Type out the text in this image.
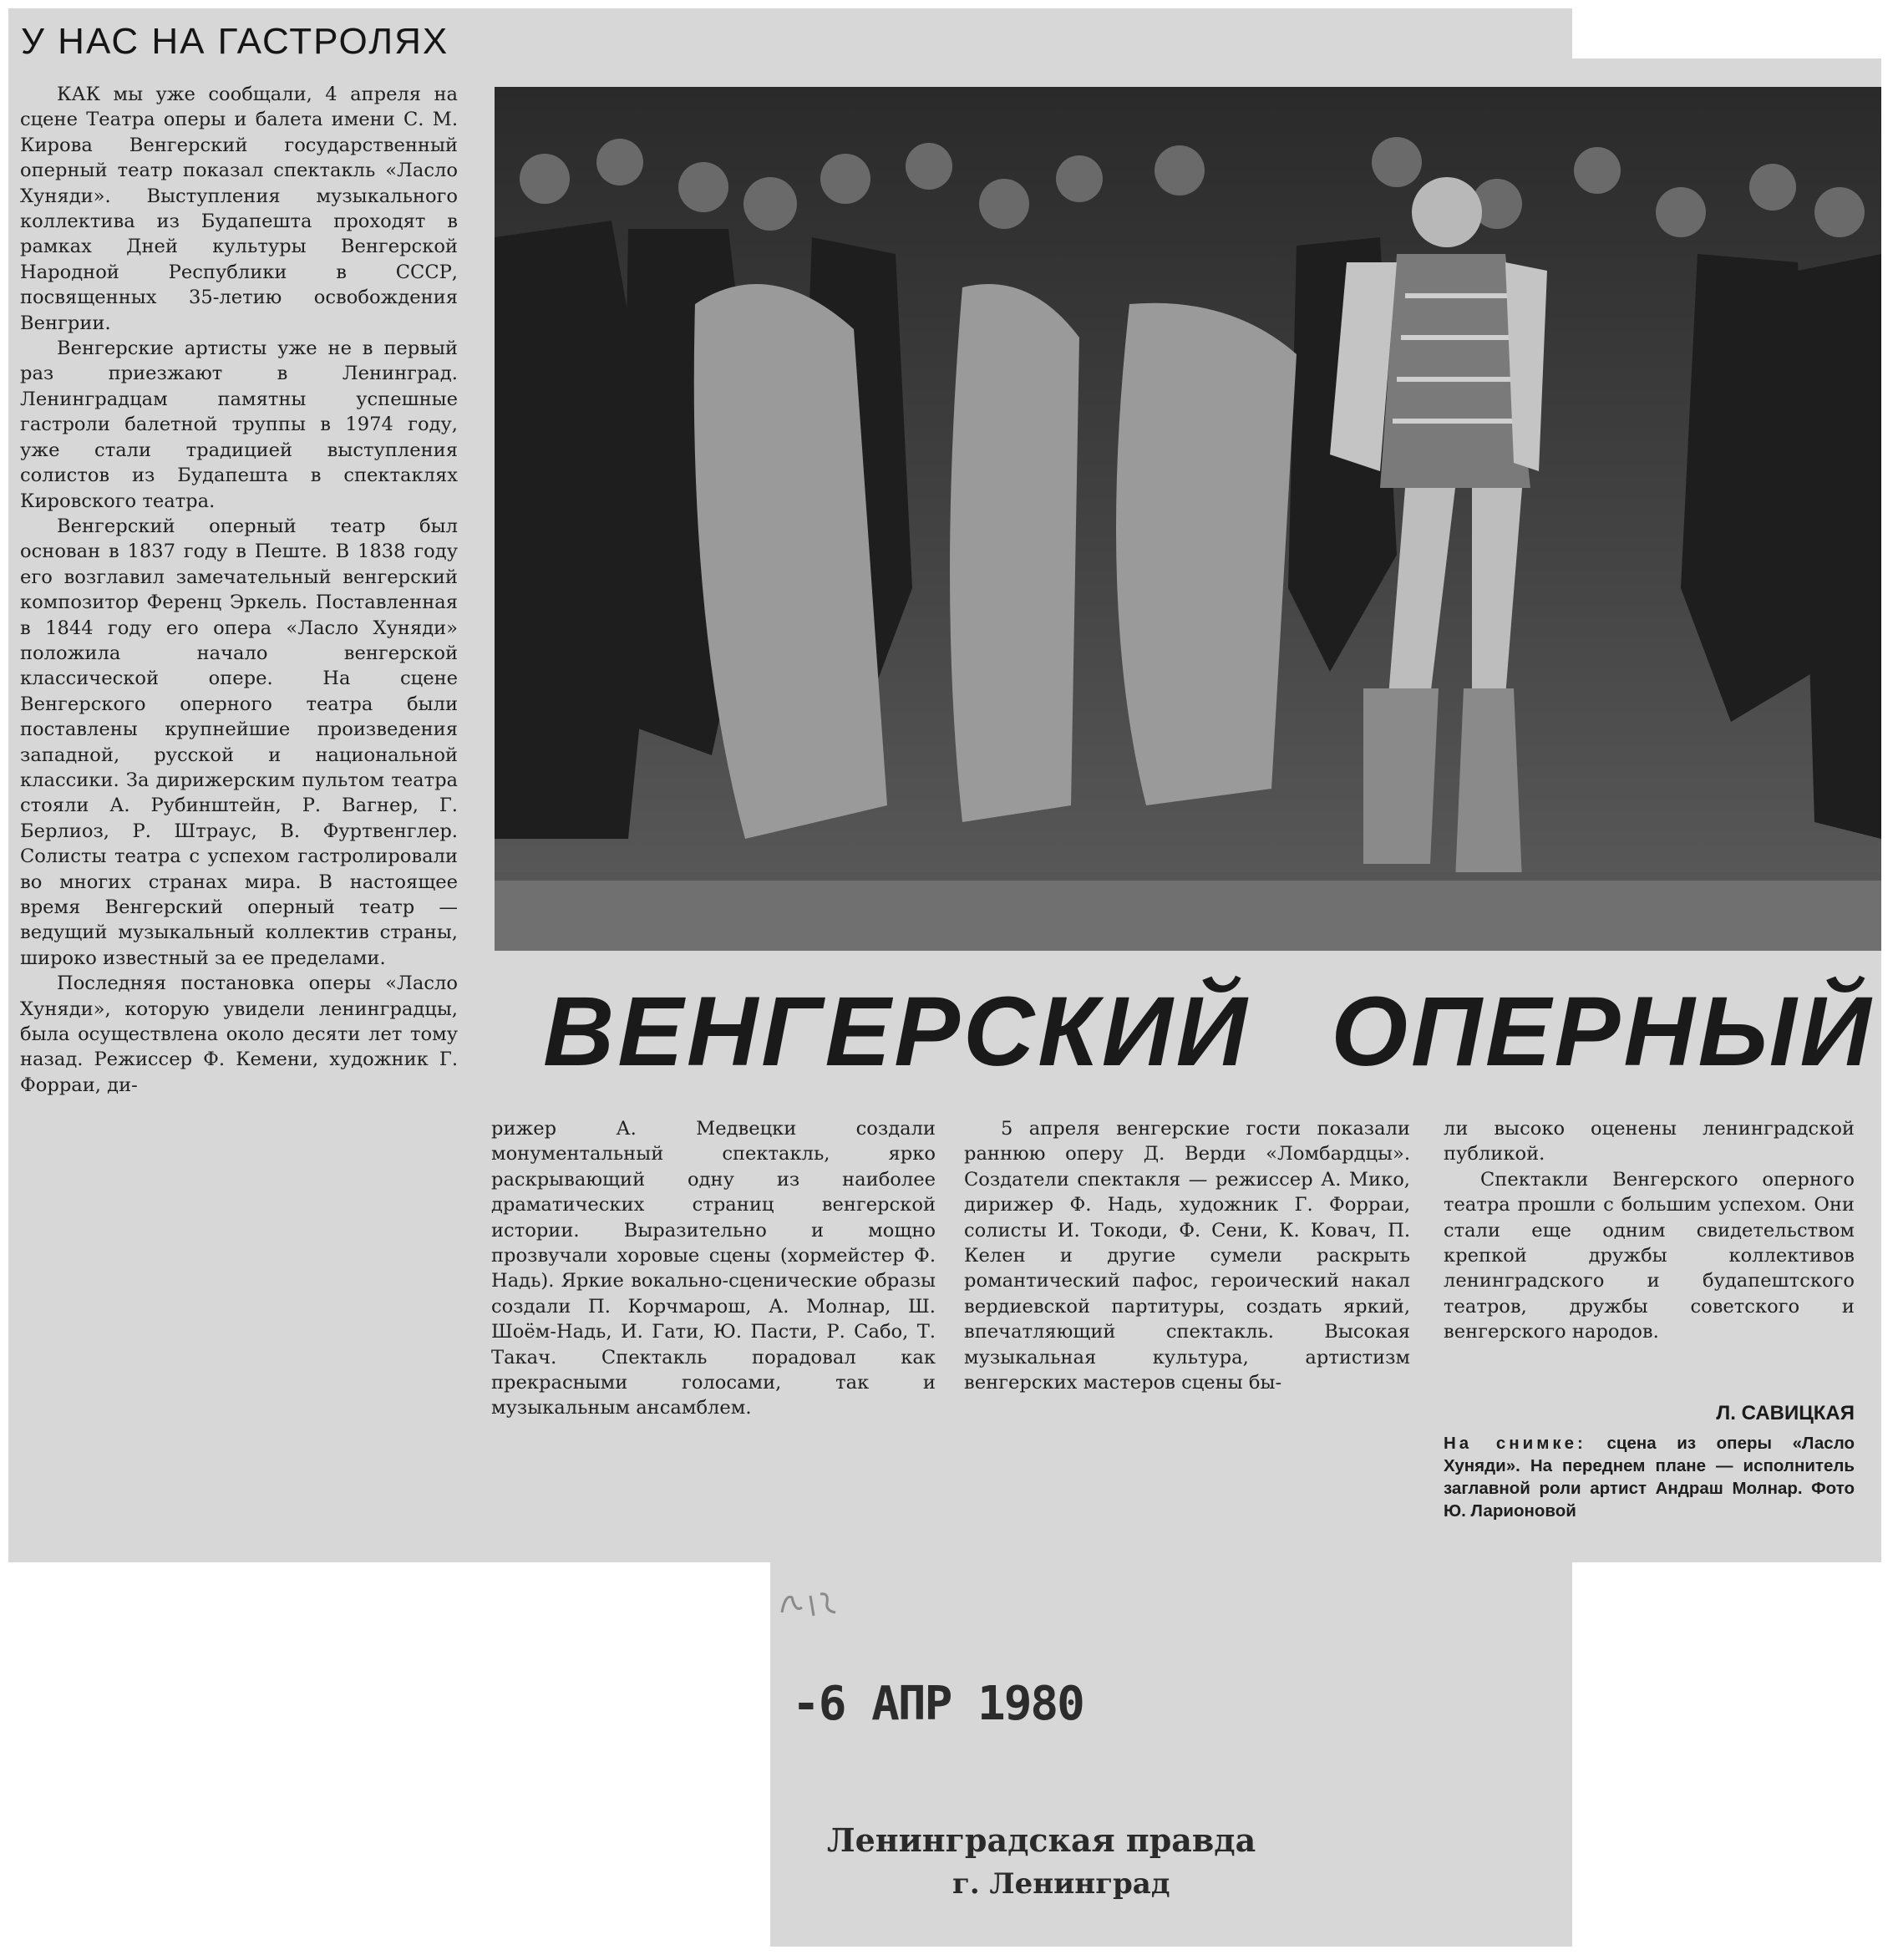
У НАС НА ГАСТРОЛЯХ
ВЕНГЕРСКИЙ ОПЕРНЫЙ

КАК мы уже сообщали, 4 апреля на сцене Театра оперы и балета имени С. М. Кирова Венгерский государственный оперный театр показал спектакль «Ласло Хуняди». Выступления музыкального коллектива из Будапешта проходят в рамках Дней культуры Венгерской Народной Республики в СССР, посвященных 35-летию освобождения Венгрии.

Венгерские артисты уже не в первый раз приезжают в Ленинград. Ленинградцам памятны успешные гастроли балетной труппы в 1974 году, уже стали традицией выступления солистов из Будапешта в спектаклях Кировского театра.

Венгерский оперный театр был основан в 1837 году в Пеште. В 1838 году его возглавил замечательный венгерский композитор Ференц Эркель. Поставленная в 1844 году его опера «Ласло Хуняди» положила начало венгерской классической опере. На сцене Венгерского оперного театра были поставлены крупнейшие произведения западной, русской и национальной классики. За дирижерским пультом театра стояли А. Рубинштейн, Р. Вагнер, Г. Берлиоз, Р. Штраус, В. Фуртвенглер. Солисты театра с успехом гастролировали во многих странах мира. В настоящее время Венгерский оперный театр — ведущий музыкальный коллектив страны, широко известный за ее пределами.

Последняя постановка оперы «Ласло Хуняди», которую увидели ленинградцы, была осуществлена около десяти лет тому назад. Режиссер Ф. Кемени, художник Г. Форраи, ди-

рижер А. Медвецки создали монументальный спектакль, ярко раскрывающий одну из наиболее драматических страниц венгерской истории. Выразительно и мощно прозвучали хоровые сцены (хормейстер Ф. Надь). Яркие вокально-сценические образы создали П. Корчмарош, А. Молнар, Ш. Шоём-Надь, И. Гати, Ю. Пасти, Р. Сабо, Т. Такач. Спектакль порадовал как прекрасными голосами, так и музыкальным ансамблем.

5 апреля венгерские гости показали раннюю оперу Д. Верди «Ломбардцы». Создатели спектакля — режиссер А. Мико, дирижер Ф. Надь, художник Г. Форраи, солисты И. Токоди, Ф. Сени, К. Ковач, П. Келен и другие сумели раскрыть романтический пафос, героический накал вердиевской партитуры, создать яркий, впечатляющий спектакль. Высокая музыкальная культура, артистизм венгерских мастеров сцены бы-

ли высоко оценены ленинградской публикой.

Спектакли Венгерского оперного театра прошли с большим успехом. Они стали еще одним свидетельством крепкой дружбы коллективов ленинградского и будапештского театров, дружбы советского и венгерского народов.

Л. САВИЦКАЯ
На снимке: сцена из оперы «Ласло Хуняди». На переднем плане — исполнитель заглавной роли артист Андраш Молнар. Фото Ю. Ларионовой
-6 АПР 1980
Ленинградская правда
г. Ленинград
